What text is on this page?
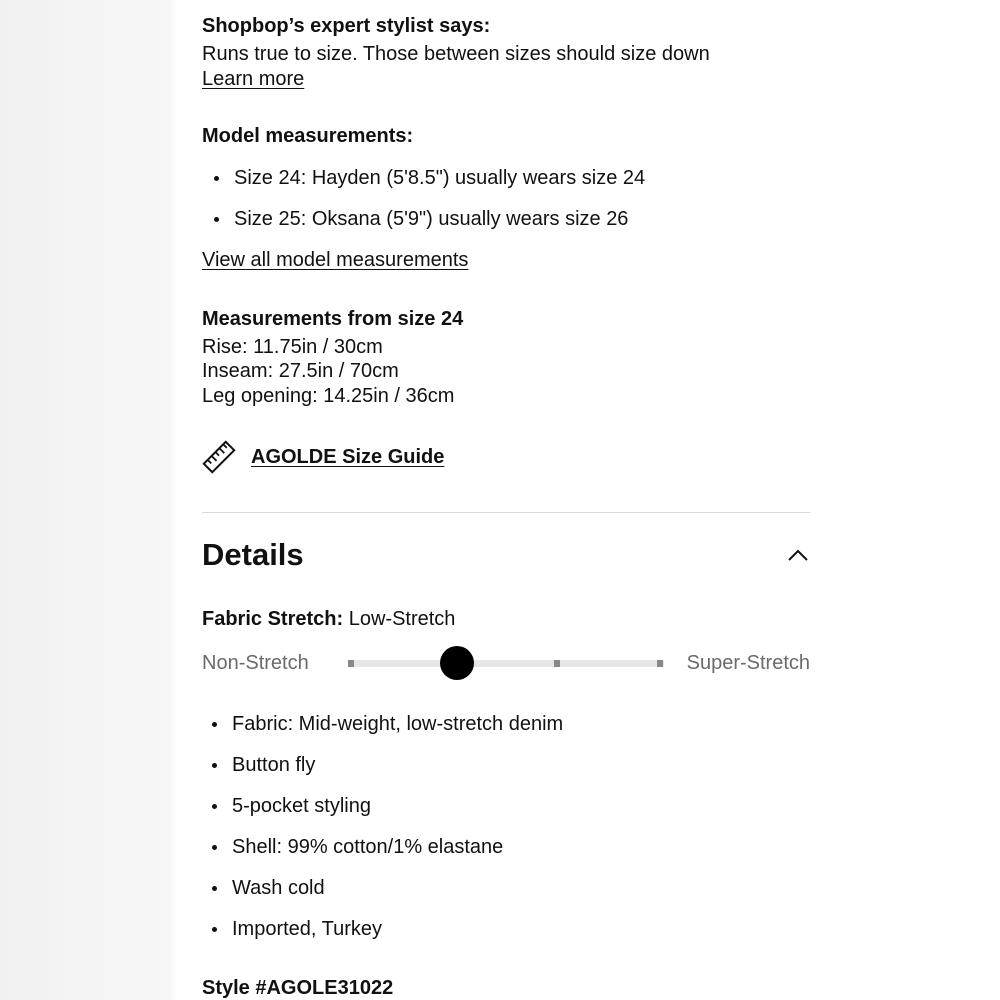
Shopbop’s expert stylist says:
Runs true to size. Those between sizes should size down
Learn more
Model measurements:
Size 24: Hayden (5'8.5") usually wears size 24
Size 25: Oksana (5'9") usually wears size 26
View all model measurements
Measurements from size 24
Rise: 11.75in / 30cm
Inseam: 27.5in / 70cm
Leg opening: 14.25in / 36cm
AGOLDE Size Guide
Details
Fabric Stretch: Low-Stretch
Non-Stretch	Super-Stretch
Fabric: Mid-weight, low-stretch denim
Button fly
5-pocket styling
Shell: 99% cotton/1% elastane
Wash cold
Imported, Turkey
Style #AGOLE31022
